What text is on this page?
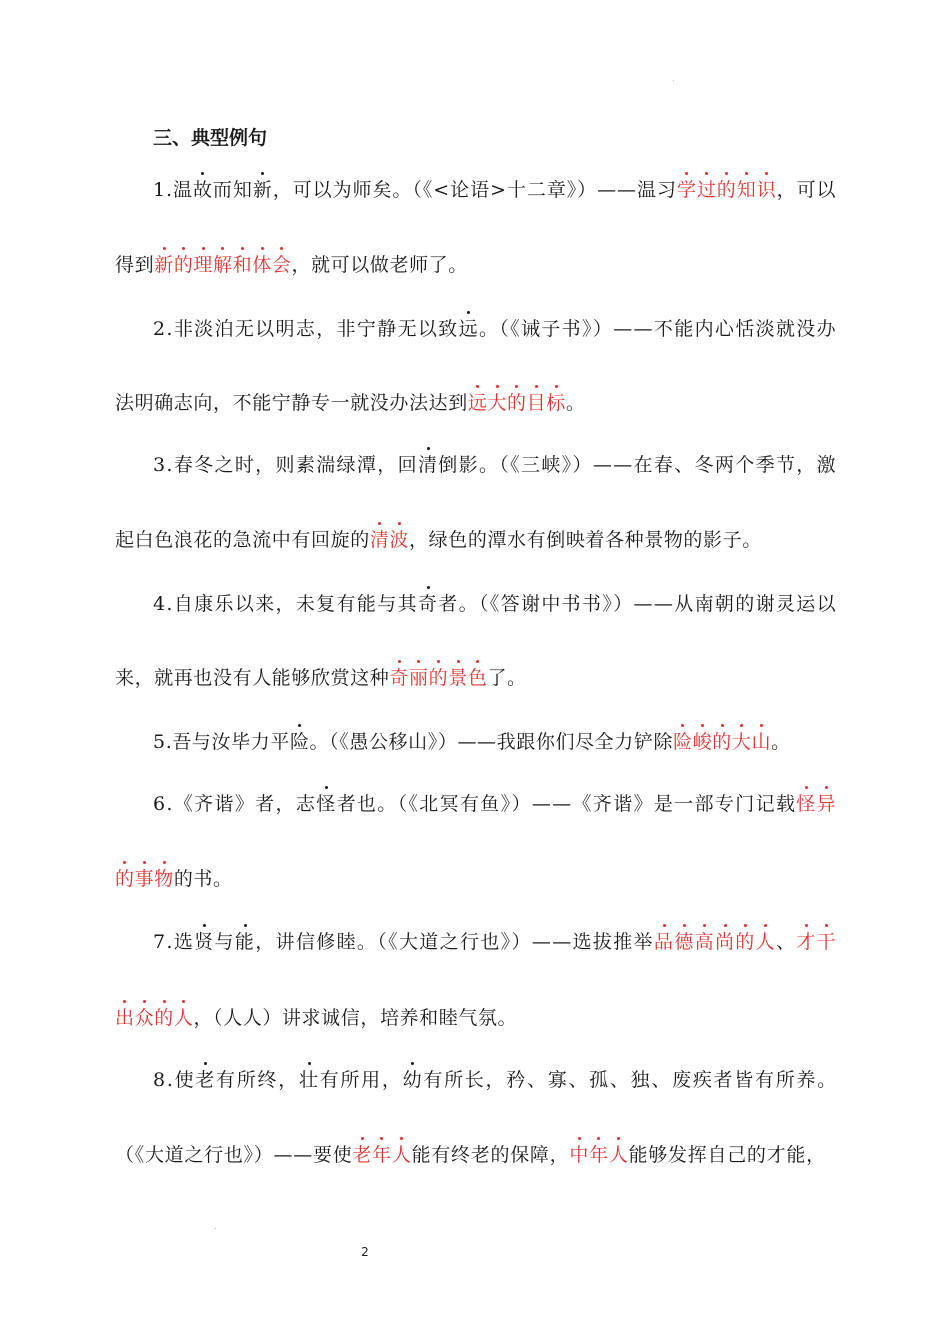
三、典型例句
1.温故而知新，可以为师矣。（《<论语>十二章》）——温习学过的知识，可以
得到新的理解和体会，就可以做老师了。
2.非淡泊无以明志，非宁静无以致远。（《诫子书》）——不能内心恬淡就没办
法明确志向，不能宁静专一就没办法达到远大的目标。
3.春冬之时，则素湍绿潭，回清倒影。（《三峡》）——在春、冬两个季节，激
起白色浪花的急流中有回旋的清波，绿色的潭水有倒映着各种景物的影子。
4.自康乐以来，未复有能与其奇者。（《答谢中书书》）——从南朝的谢灵运以
来，就再也没有人能够欣赏这种奇丽的景色了。
5.吾与汝毕力平险。（《愚公移山》）——我跟你们尽全力铲除险峻的大山。
6.《齐谐》者，志怪者也。（《北冥有鱼》）——《齐谐》是一部专门记载怪异
的事物的书。
7.选贤与能，讲信修睦。（《大道之行也》）——选拔推举品德高尚的人、才干
出众的人，（人人）讲求诚信，培养和睦气氛。
8.使老有所终，壮有所用，幼有所长，矜、寡、孤、独、废疾者皆有所养。
（《大道之行也》）——要使老年人能有终老的保障，中年人能够发挥自己的才能，
2
